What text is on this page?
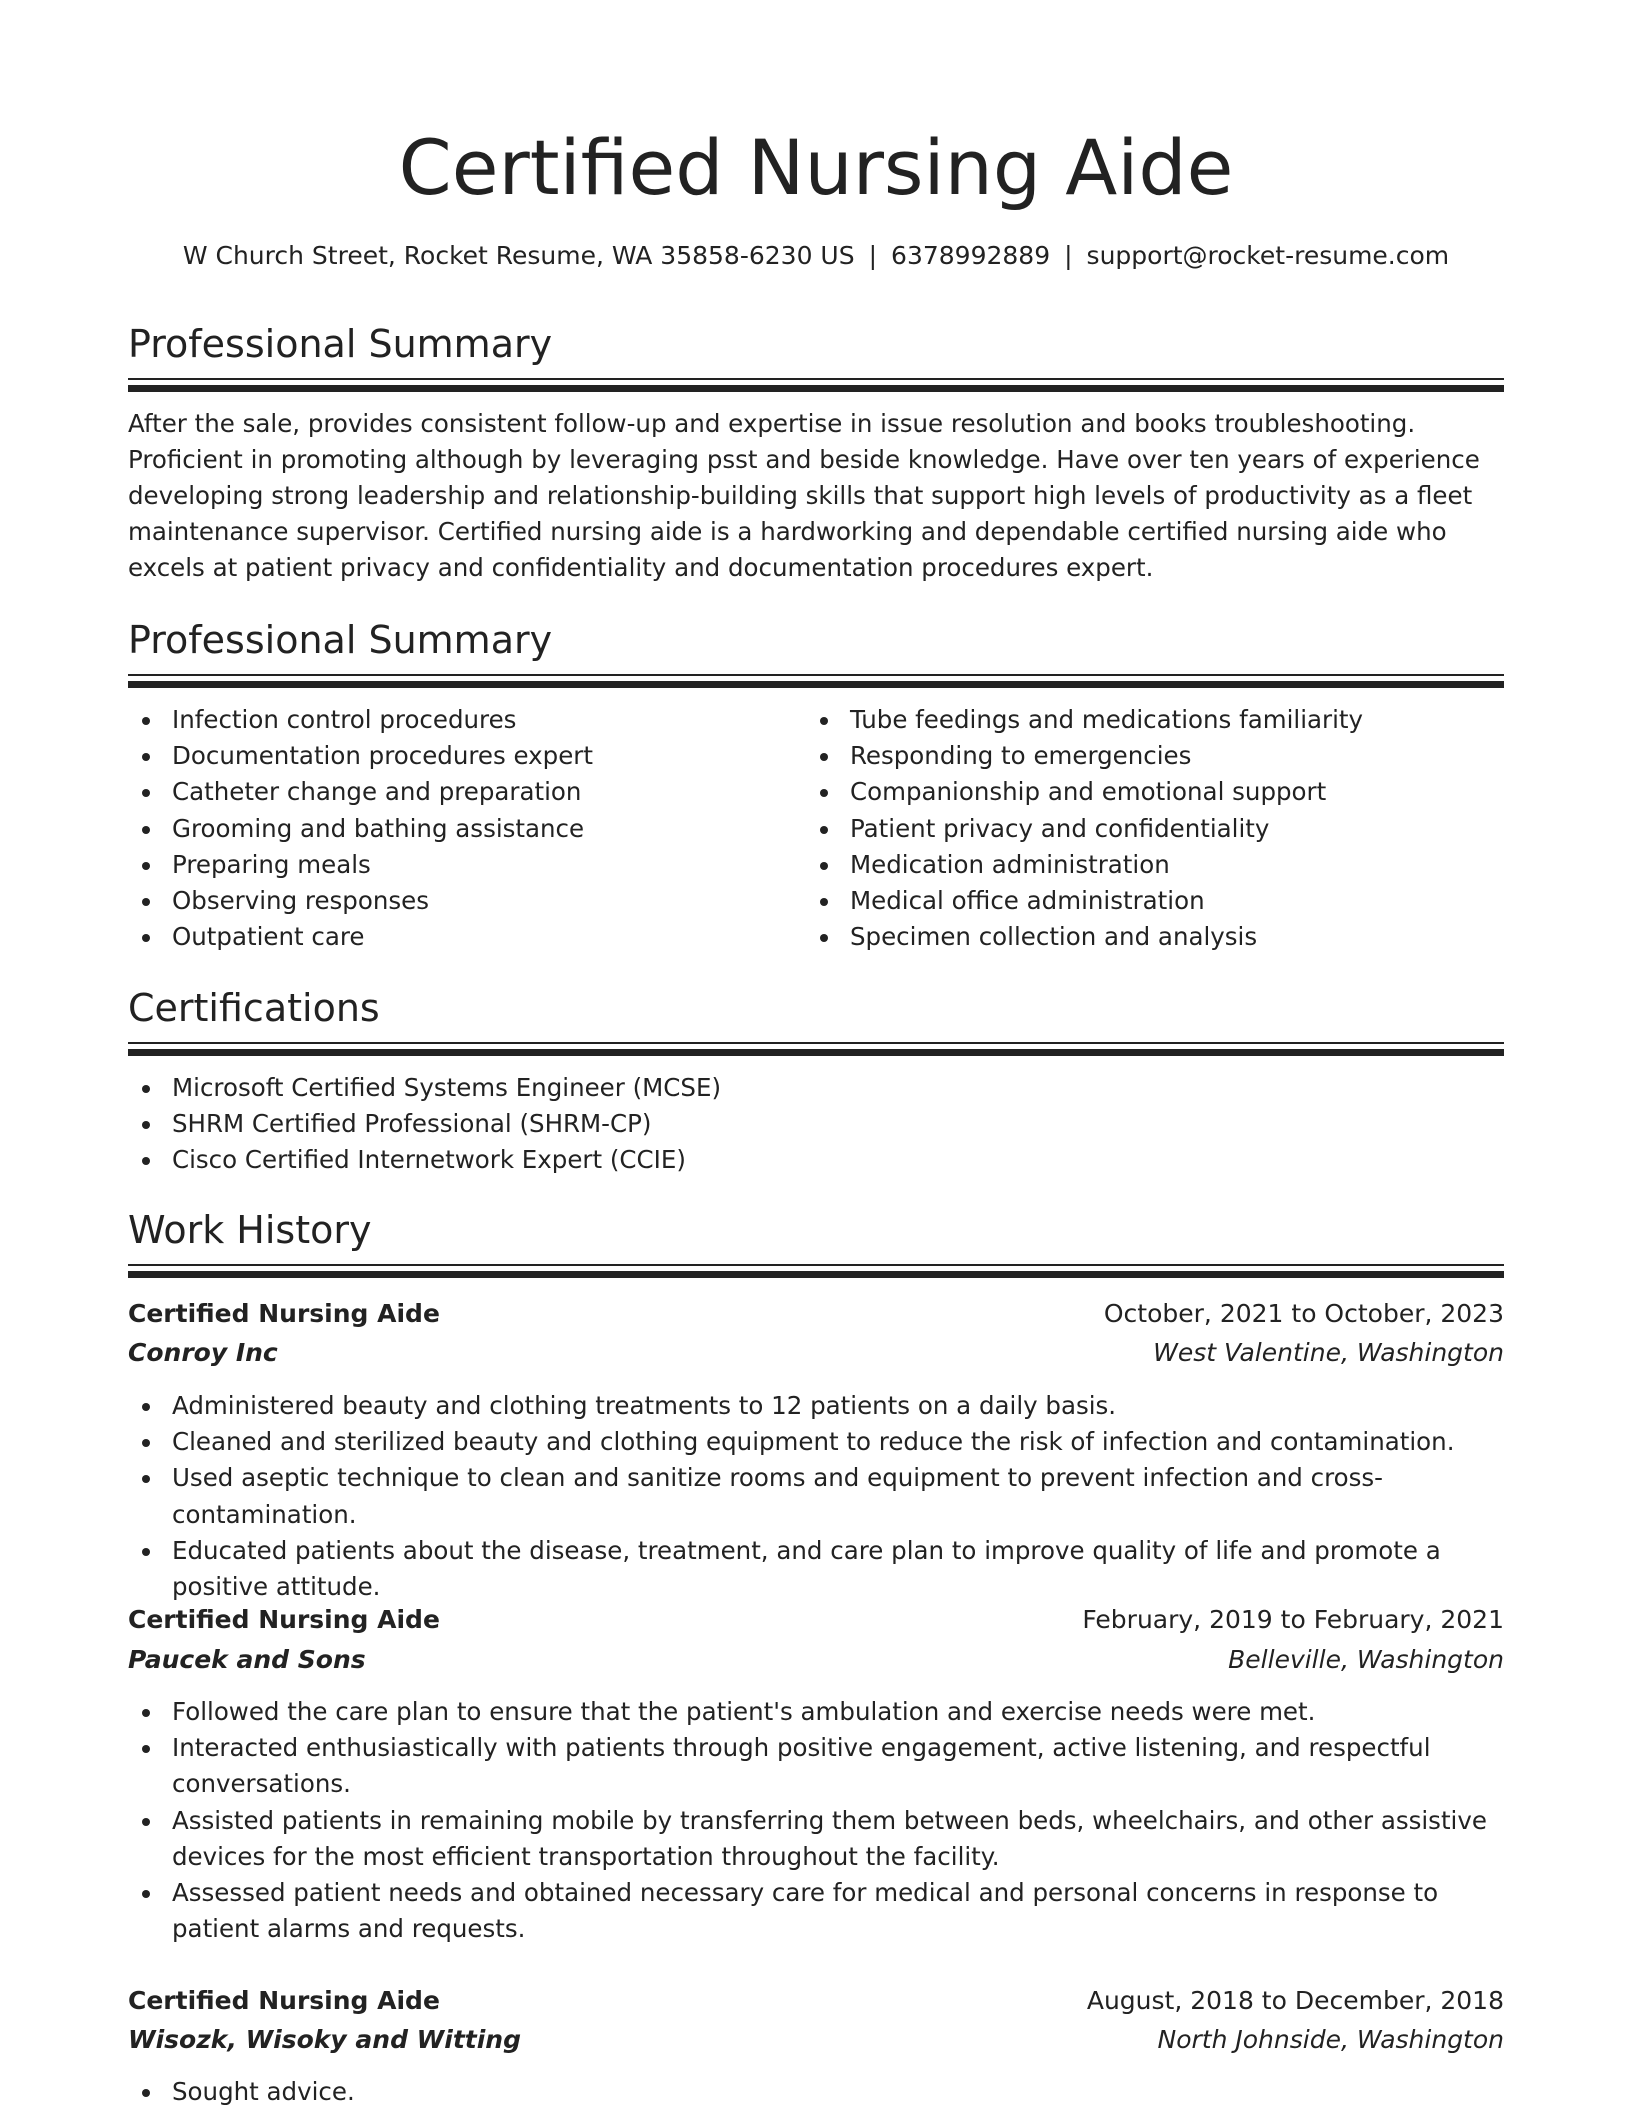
Certified Nursing Aide
W Church Street, Rocket Resume, WA 35858-6230 US | 6378992889 | support@rocket-resume.com
Professional Summary
After the sale, provides consistent follow-up and expertise in issue resolution and books troubleshooting. Proficient in promoting although by leveraging psst and beside knowledge. Have over ten years of experience developing strong leadership and relationship-building skills that support high levels of productivity as a fleet maintenance supervisor. Certified nursing aide is a hardworking and dependable certified nursing aide who excels at patient privacy and confidentiality and documentation procedures expert.
Professional Summary
Infection control procedures
Documentation procedures expert
Catheter change and preparation
Grooming and bathing assistance
Preparing meals
Observing responses
Outpatient care
Tube feedings and medications familiarity
Responding to emergencies
Companionship and emotional support
Patient privacy and confidentiality
Medication administration
Medical office administration
Specimen collection and analysis
Certifications
Microsoft Certified Systems Engineer (MCSE)
SHRM Certified Professional (SHRM-CP)
Cisco Certified Internetwork Expert (CCIE)
Work History
Certified Nursing Aide	October, 2021 to October, 2023
Conroy Inc	West Valentine, Washington
Administered beauty and clothing treatments to 12 patients on a daily basis.
Cleaned and sterilized beauty and clothing equipment to reduce the risk of infection and contamination.
Used aseptic technique to clean and sanitize rooms and equipment to prevent infection and cross-contamination.
Educated patients about the disease, treatment, and care plan to improve quality of life and promote a positive attitude.
Certified Nursing Aide	February, 2019 to February, 2021
Paucek and Sons	Belleville, Washington
Followed the care plan to ensure that the patient's ambulation and exercise needs were met.
Interacted enthusiastically with patients through positive engagement, active listening, and respectful conversations.
Assisted patients in remaining mobile by transferring them between beds, wheelchairs, and other assistive devices for the most efficient transportation throughout the facility.
Assessed patient needs and obtained necessary care for medical and personal concerns in response to patient alarms and requests.
Certified Nursing Aide	August, 2018 to December, 2018
Wisozk, Wisoky and Witting	North Johnside, Washington
Sought advice.
